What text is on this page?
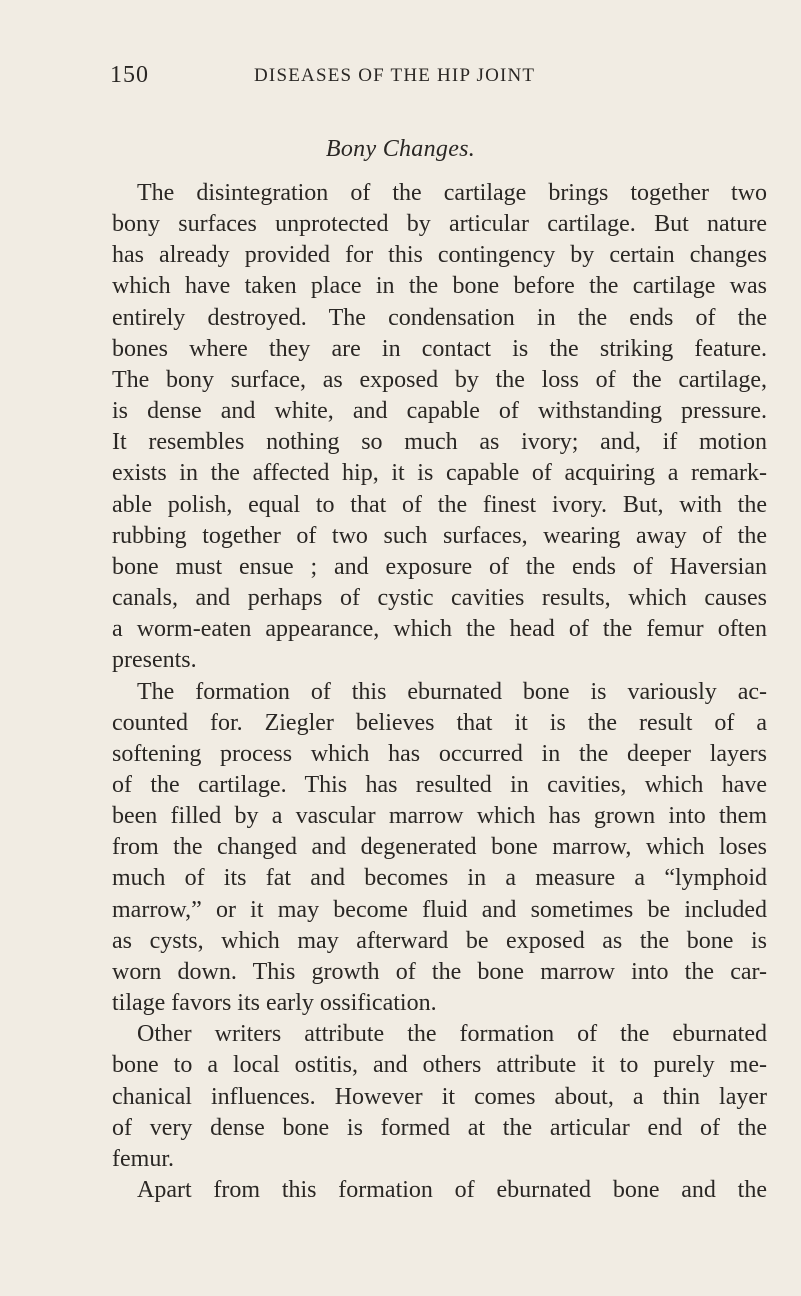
150	DISEASES OF THE HIP JOINT
Bony Changes.
The disintegration of the cartilage brings together two
bony surfaces unprotected by articular cartilage. But nature
has already provided for this contingency by certain changes
which have taken place in the bone before the cartilage was
entirely destroyed. The condensation in the ends of the
bones where they are in contact is the striking feature.
The bony surface, as exposed by the loss of the cartilage,
is dense and white, and capable of withstanding pressure.
It resembles nothing so much as ivory; and, if motion
exists in the affected hip, it is capable of acquiring a remark-
able polish, equal to that of the finest ivory. But, with the
rubbing together of two such surfaces, wearing away of the
bone must ensue ; and exposure of the ends of Haversian
canals, and perhaps of cystic cavities results, which causes
a worm-eaten appearance, which the head of the femur often
presents.
The formation of this eburnated bone is variously ac-
counted for. Ziegler believes that it is the result of a
softening process which has occurred in the deeper layers
of the cartilage. This has resulted in cavities, which have
been filled by a vascular marrow which has grown into them
from the changed and degenerated bone marrow, which loses
much of its fat and becomes in a measure a “lymphoid
marrow,” or it may become fluid and sometimes be included
as cysts, which may afterward be exposed as the bone is
worn down. This growth of the bone marrow into the car-
tilage favors its early ossification.
Other writers attribute the formation of the eburnated
bone to a local ostitis, and others attribute it to purely me-
chanical influences. However it comes about, a thin layer
of very dense bone is formed at the articular end of the
femur.
Apart from this formation of eburnated bone and the
